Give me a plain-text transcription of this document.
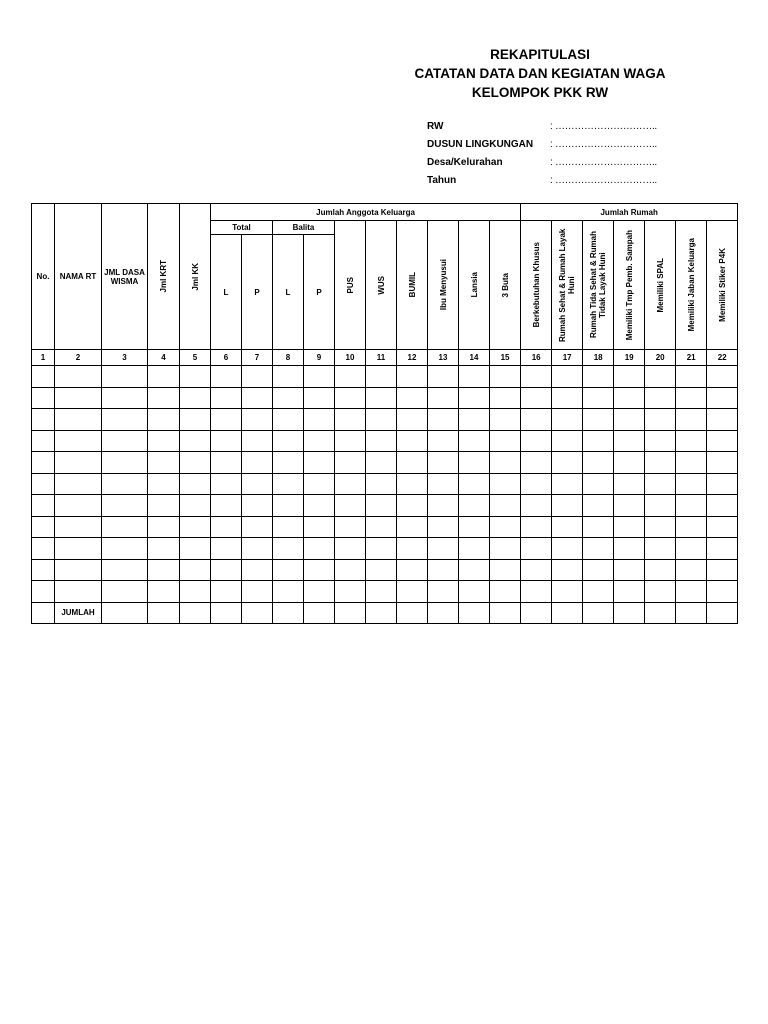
REKAPITULASI
CATATAN DATA DAN KEGIATAN WAGA
KELOMPOK PKK RW
RW	: …………………………..
DUSUN LINGKUNGAN : …………………………..
Desa/Kelurahan	: …………………………..
Tahun	: …………………………..
No.	NAMA RT	JML DASA WISMA	Jml KRT	Jml KK	Jumlah Anggota Keluarga										Jumlah Rumah						
					Total		Balita		PUS	WUS	BUMIL	Ibu Menyusui	Lansia	3 Buta	Berkebutuhan Khusus	Rumah Sehat & Rumah Layak Huni	Rumah Tida Sehat & Rumah Tidak Layak Huni	Memiliki Tmp Pemb. Sampah	Memiliki SPAL	Memiliki Jaban Keluarga	Memiliki Stiker P4K

					L	P	L	P													
1	2	3	4	5	6	7	8	9	10	11	12	13	14	15	16	17	18	19	20	21	22

	JUMLAH																				
